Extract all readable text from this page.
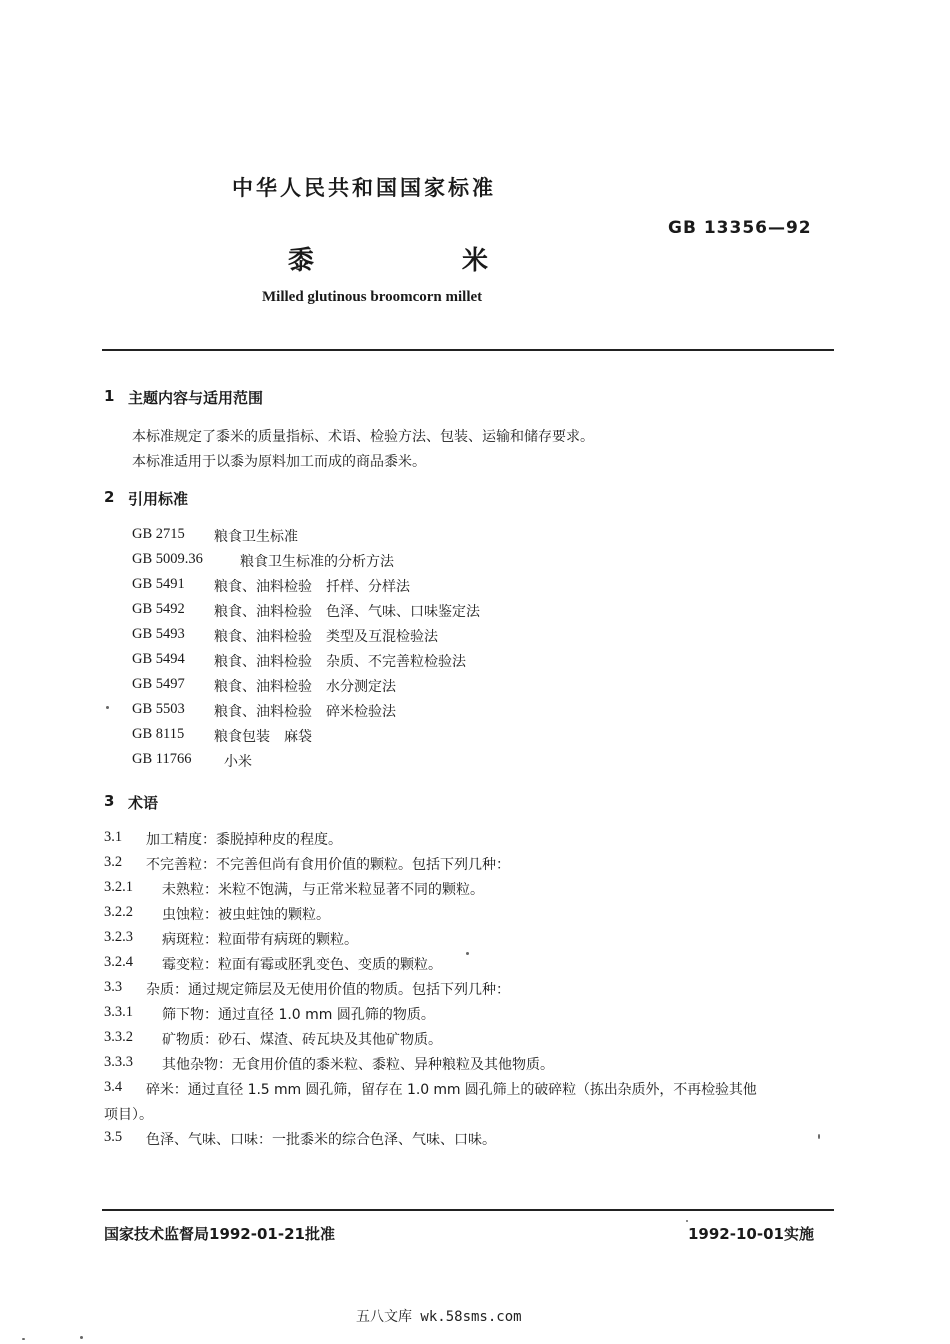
中华人民共和国国家标准
GB 13356—92
黍	米
Milled glutinous broomcorn millet
1 主题内容与适用范围
本标准规定了黍米的质量指标、术语、检验方法、包装、运输和储存要求。
本标准适用于以黍为原料加工而成的商品黍米。
2 引用标准
GB 2715 粮食卫生标准
GB 5009.36	粮食卫生标准的分析方法
GB 5491 粮食、油料检验　扦样、分样法
GB 5492 粮食、油料检验　色泽、气味、口味鉴定法
GB 5493 粮食、油料检验　类型及互混检验法
GB 5494 粮食、油料检验　杂质、不完善粒检验法
GB 5497 粮食、油料检验　水分测定法
GB 5503 粮食、油料检验　碎米检验法
GB 8115 粮食包装　麻袋
GB 11766 小米
3 术语
3.1 加工精度：黍脱掉种皮的程度。
3.2 不完善粒：不完善但尚有食用价值的颗粒。包括下列几种：
3.2.1 未熟粒：米粒不饱满，与正常米粒显著不同的颗粒。
3.2.2 虫蚀粒：被虫蛀蚀的颗粒。
3.2.3 病斑粒：粒面带有病斑的颗粒。
3.2.4 霉变粒：粒面有霉或胚乳变色、变质的颗粒。
3.3 杂质：通过规定筛层及无使用价值的物质。包括下列几种：
3.3.1 筛下物：通过直径 1.0 mm 圆孔筛的物质。
3.3.2 矿物质：砂石、煤渣、砖瓦块及其他矿物质。
3.3.3 其他杂物：无食用价值的黍米粒、黍粒、异种粮粒及其他物质。
3.4 碎米：通过直径 1.5 mm 圆孔筛，留存在 1.0 mm 圆孔筛上的破碎粒（拣出杂质外，不再检验其他
项目）。
3.5 色泽、气味、口味：一批黍米的综合色泽、气味、口味。
国家技术监督局1992-01-21批准	1992-10-01实施
五八文库 wk.58sms.com
